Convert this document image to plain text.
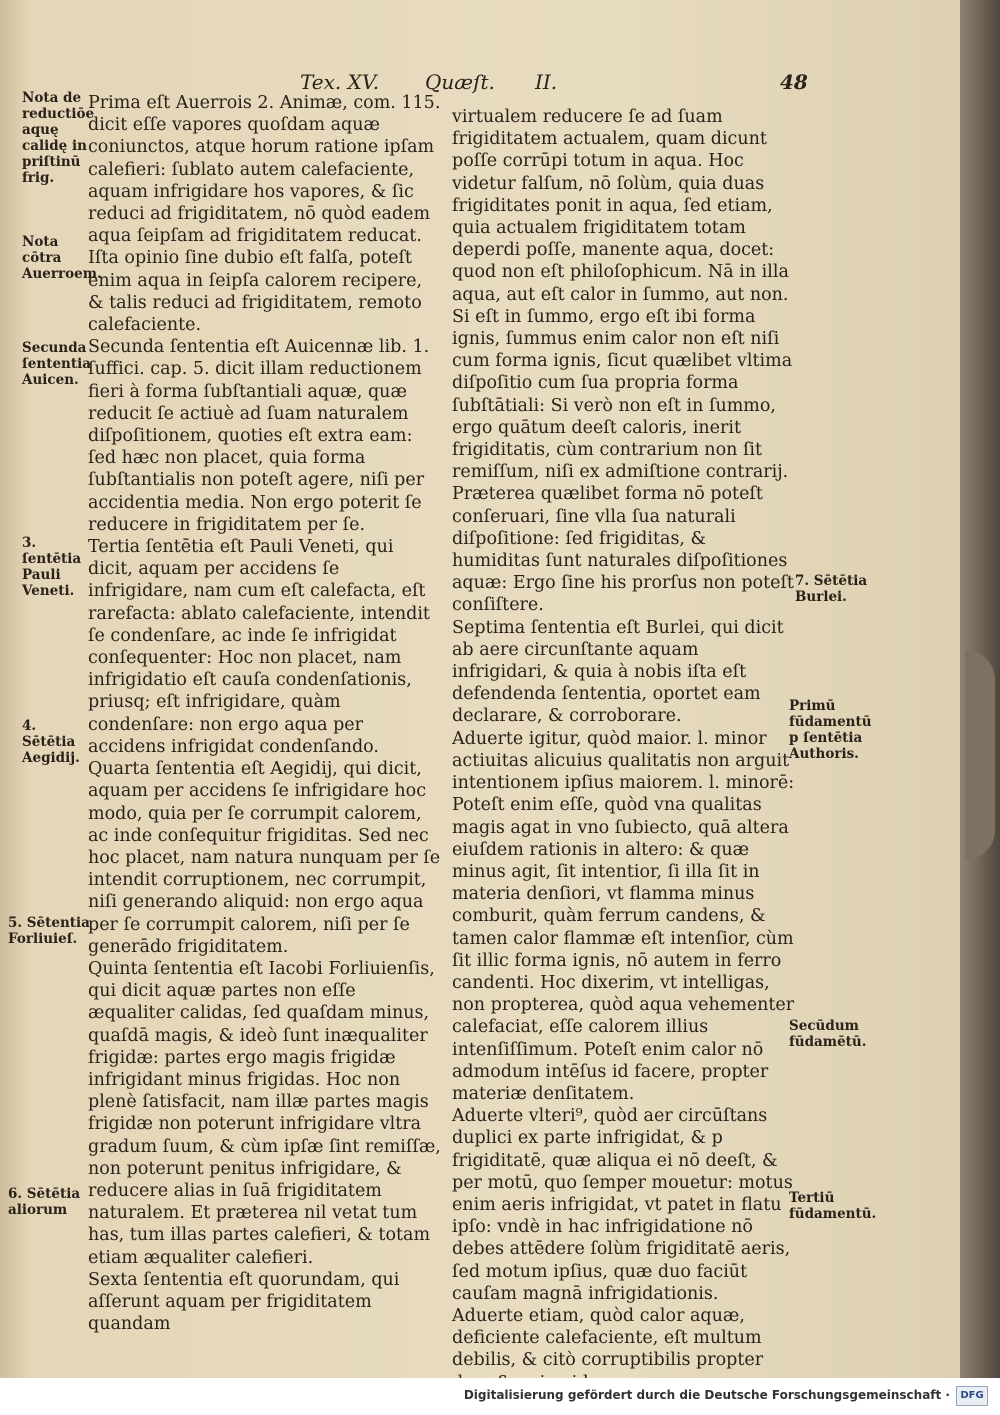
Tex. XV. Quæſt. II.	48
Nota de reductiōe aquę calidę in priſtinū frig.
Nota cōtra Auerroem.
Secunda ſententia Auicen.
3. ſentētia Pauli Veneti.
4. Sētētia Aegidij.
5. Sētentia Forliuieſ.
6. Sētētia aliorum

Prima eſt Auerrois 2. Animæ, com. 115. dicit eſſe vapores quoſdam aquæ coniunctos, atque horum ratione ipſam calefieri: ſublato autem calefaciente, aquam infrigidare hos vapores, & ſic reduci ad frigiditatem, nō quòd eadem aqua ſeipſam ad frigiditatem reducat.

Iſta opinio ſine dubio eſt falſa, poteſt enim aqua in ſeipſa calorem recipere, & talis reduci ad frigiditatem, remoto calefaciente.

Secunda ſententia eſt Auicennæ lib. 1. ſuffici. cap. 5. dicit illam reductionem fieri à forma ſubſtantiali aquæ, quæ reducit ſe actiuè ad ſuam naturalem diſpoſitionem, quoties eſt extra eam: ſed hæc non placet, quia forma ſubſtantialis non poteſt agere, niſi per accidentia media. Non ergo poterit ſe reducere in frigiditatem per ſe.

Tertia ſentētia eſt Pauli Veneti, qui dicit, aquam per accidens ſe infrigidare, nam cum eſt calefacta, eſt rarefacta: ablato calefaciente, intendit ſe condenſare, ac inde ſe infrigidat conſequenter: Hoc non placet, nam infrigidatio eſt cauſa condenſationis, priusq; eſt infrigidare, quàm condenſare: non ergo aqua per accidens infrigidat condenſando.

Quarta ſententia eſt Aegidij, qui dicit, aquam per accidens ſe infrigidare hoc modo, quia per ſe corrumpit calorem, ac inde conſequitur frigiditas. Sed nec hoc placet, nam natura nunquam per ſe intendit corruptionem, nec corrumpit, niſi generando aliquid: non ergo aqua per ſe corrumpit calorem, niſi per ſe generādo frigiditatem.

Quinta ſententia eſt Iacobi Forliuienſis, qui dicit aquæ partes non eſſe æqualiter calidas, ſed quaſdam minus, quaſdā magis, & ideò ſunt inæqualiter frigidæ: partes ergo magis frigidæ infrigidant minus frigidas. Hoc non plenè ſatisfacit, nam illæ partes magis frigidæ non poterunt infrigidare vltra gradum ſuum, & cùm ipſæ ſint remiſſæ, non poterunt penitus infrigidare, & reducere alias in ſuā frigiditatem naturalem. Et præterea nil vetat tum has, tum illas partes calefieri, & totam etiam æqualiter calefieri.

Sexta ſententia eſt quorundam, qui aſſerunt aquam per frigiditatem quandam

virtualem reducere ſe ad ſuam frigiditatem actualem, quam dicunt poſſe corrūpi totum in aqua. Hoc videtur falſum, nō ſolùm, quia duas frigiditates ponit in aqua, ſed etiam, quia actualem frigiditatem totam deperdi poſſe, manente aqua, docet: quod non eſt philoſophicum. Nā in illa aqua, aut eſt calor in ſummo, aut non. Si eſt in ſummo, ergo eſt ibi forma ignis, ſummus enim calor non eſt niſi cum forma ignis, ſicut quælibet vltima diſpoſitio cum ſua propria forma ſubſtātiali: Si verò non eſt in ſummo, ergo quātum deeſt caloris, inerit frigiditatis, cùm contrarium non ſit remiſſum, niſi ex admiſtione contrarij. Præterea quælibet forma nō poteſt conſeruari, ſine vlla ſua naturali diſpoſitione: ſed frigiditas, & humiditas ſunt naturales diſpoſitiones aquæ: Ergo ſine his prorſus non poteſt conſiſtere.

Septima ſententia eſt Burlei, qui dicit ab aere circunſtante aquam infrigidari, & quia à nobis iſta eſt defendenda ſententia, oportet eam declarare, & corroborare.

Aduerte igitur, quòd maior. l. minor actiuitas alicuius qualitatis non arguit intentionem ipſius maiorem. l. minorē: Poteſt enim eſſe, quòd vna qualitas magis agat in vno ſubiecto, quā altera eiuſdem rationis in altero: & quæ minus agit, ſit intentior, ſi illa ſit in materia denſiori, vt flamma minus comburit, quàm ferrum candens, & tamen calor flammæ eſt intenſior, cùm ſit illic forma ignis, nō autem in ferro candenti. Hoc dixerim, vt intelligas, non propterea, quòd aqua vehementer calefaciat, eſſe calorem illius intenſiſſimum. Poteſt enim calor nō admodum intēſus id facere, propter materiæ denſitatem.

Aduerte vlteri⁹, quòd aer circūſtans duplici ex parte infrigidat, & p frigiditatē, quæ aliqua ei nō deeſt, & per motū, quo ſemper mouetur: motus enim aeris infrigidat, vt patet in flatu ipſo: vndè in hac infrigidatione nō debes attēdere ſolùm frigiditatē aeris, ſed motum ipſius, quæ duo faciūt cauſam magnā infrigidationis.

Aduerte etiam, quòd calor aquæ, deficiente calefaciente, eſt multum debilis, & citò corruptibilis propter

7. Sētētia Burlei.
Primū fūdamentū p ſentētia Authoris.
Secūdum fūdamētū.
Tertiū fūdamentū.
Digitalisierung gefördert durch die Deutsche Forschungsgemeinschaft ·	DFG
